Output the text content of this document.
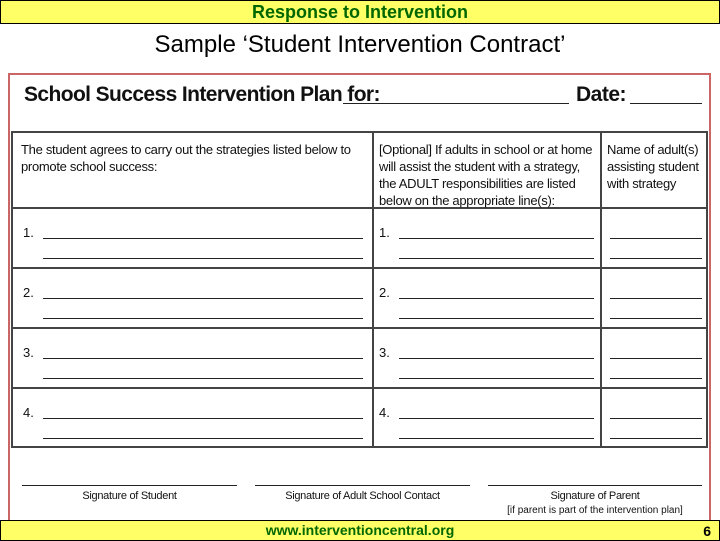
Response to Intervention
Sample ‘Student Intervention Contract’
School Success Intervention Plan for:	Date:
The student agrees to carry out the strategies listed below to promote school success:
[Optional] If adults in school or at home will assist the student with a strategy, the ADULT responsibilities are listed below on the appropriate line(s):
Name of adult(s) assisting student with strategy
1.	1.
2.	2.
3.	3.
4.	4.
Signature of Student	Signature of Adult School Contact	Signature of Parent
[if parent is part of the intervention plan]
www.interventioncentral.org	6
